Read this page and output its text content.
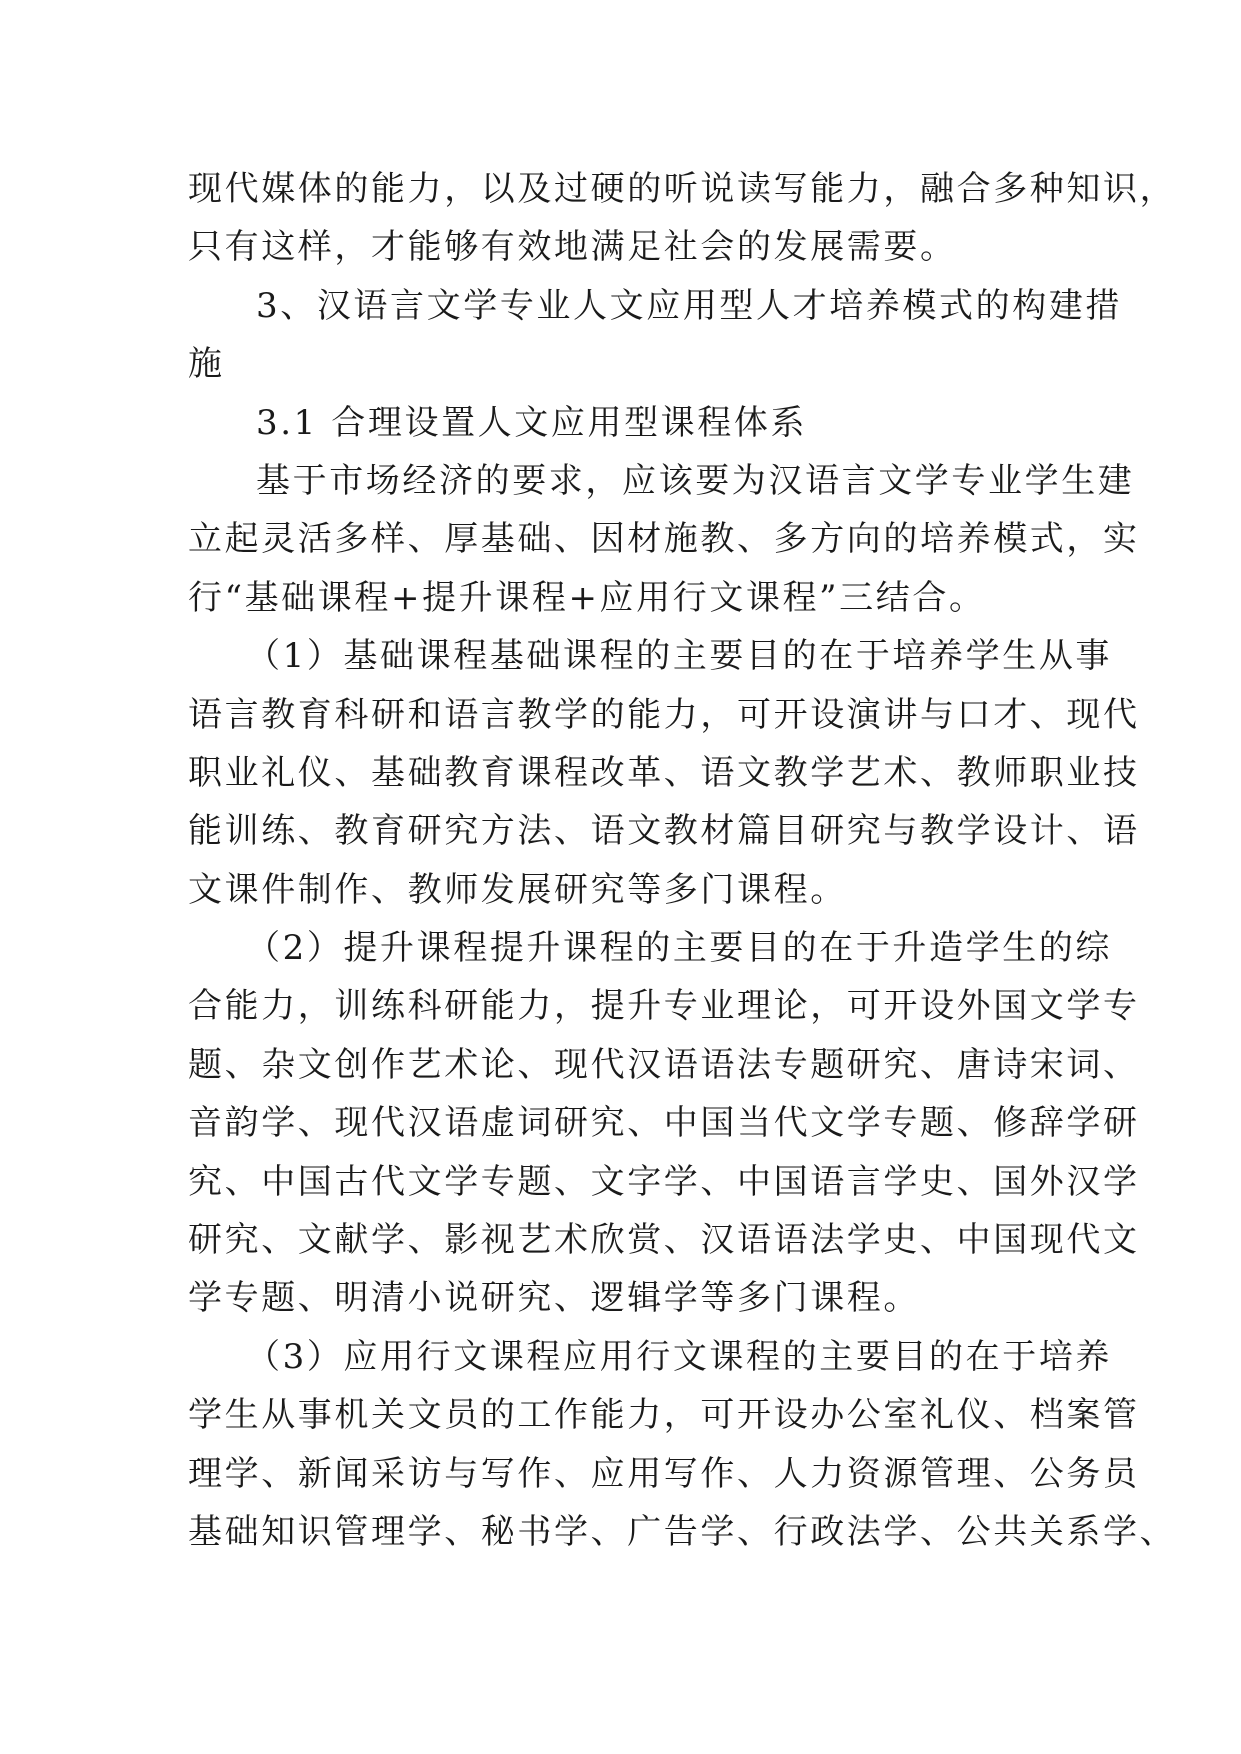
现代媒体的能力，以及过硬的听说读写能力，融合多种知识，
只有这样，才能够有效地满足社会的发展需要。
3、汉语言文学专业人文应用型人才培养模式的构建措
施
3.1 合理设置人文应用型课程体系
基于市场经济的要求，应该要为汉语言文学专业学生建
立起灵活多样、厚基础、因材施教、多方向的培养模式，实
行“基础课程+提升课程+应用行文课程”三结合。
（1）基础课程基础课程的主要目的在于培养学生从事
语言教育科研和语言教学的能力，可开设演讲与口才、现代
职业礼仪、基础教育课程改革、语文教学艺术、教师职业技
能训练、教育研究方法、语文教材篇目研究与教学设计、语
文课件制作、教师发展研究等多门课程。
（2）提升课程提升课程的主要目的在于升造学生的综
合能力，训练科研能力，提升专业理论，可开设外国文学专
题、杂文创作艺术论、现代汉语语法专题研究、唐诗宋词、
音韵学、现代汉语虚词研究、中国当代文学专题、修辞学研
究、中国古代文学专题、文字学、中国语言学史、国外汉学
研究、文献学、影视艺术欣赏、汉语语法学史、中国现代文
学专题、明清小说研究、逻辑学等多门课程。
（3）应用行文课程应用行文课程的主要目的在于培养
学生从事机关文员的工作能力，可开设办公室礼仪、档案管
理学、新闻采访与写作、应用写作、人力资源管理、公务员
基础知识管理学、秘书学、广告学、行政法学、公共关系学、
